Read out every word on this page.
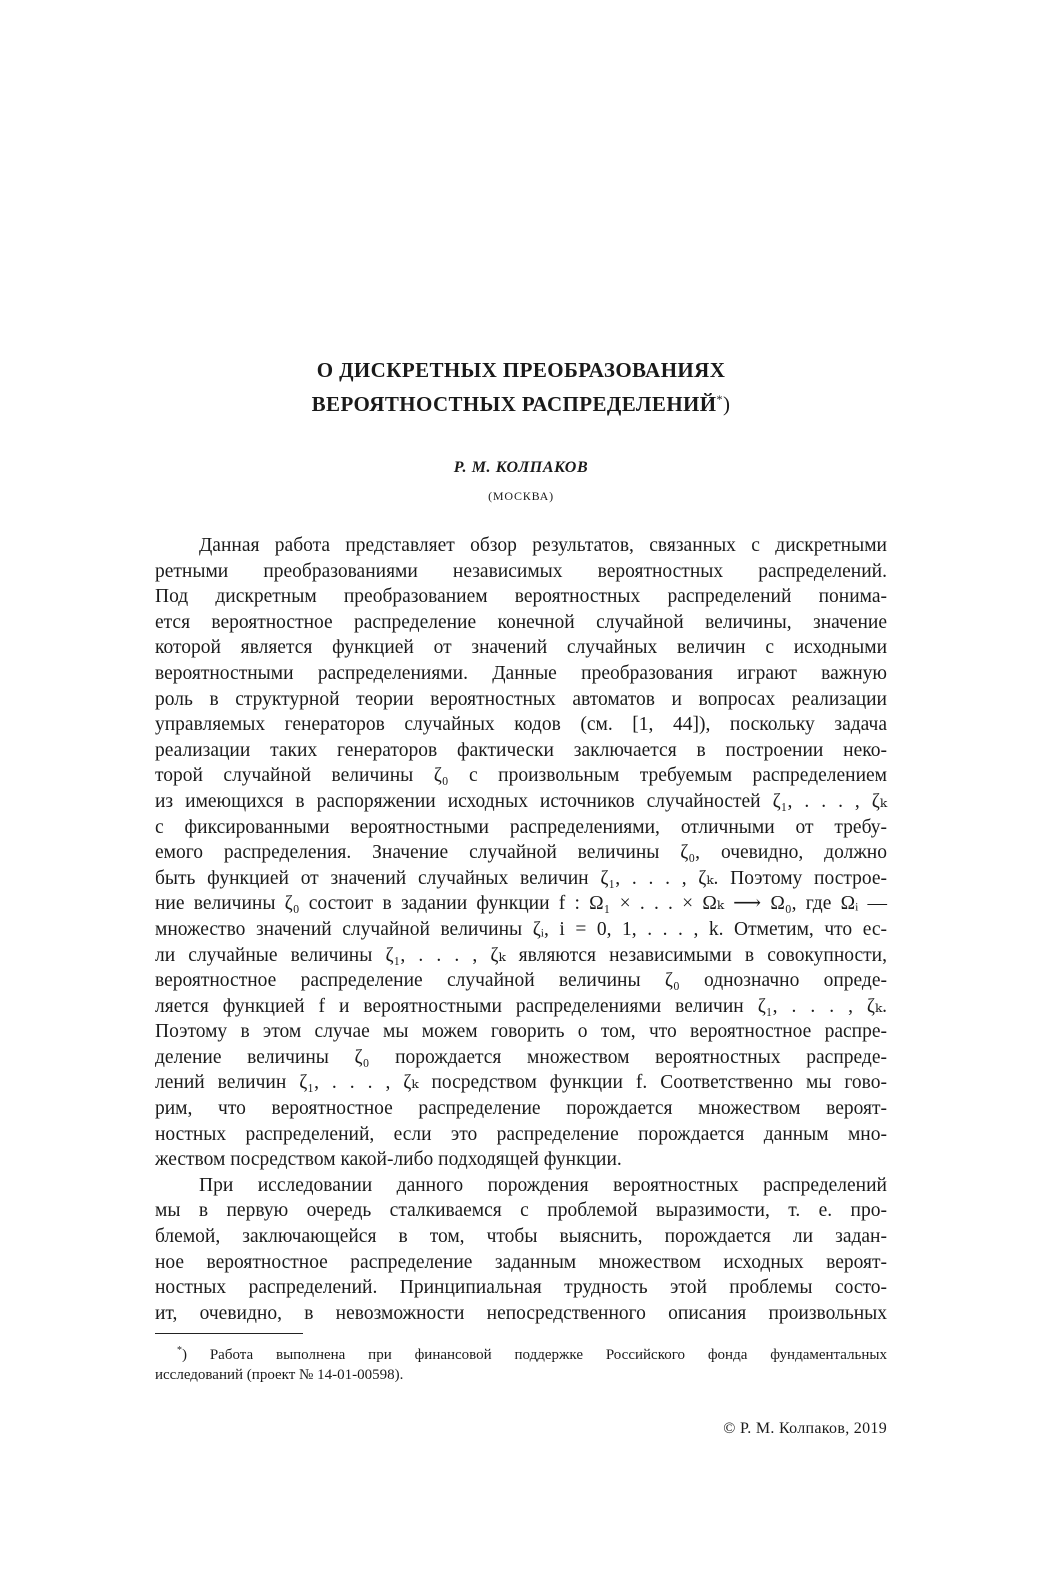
О ДИСКРЕТНЫХ ПРЕОБРАЗОВАНИЯХ
ВЕРОЯТНОСТНЫХ РАСПРЕДЕЛЕНИЙ*)
Р. М. КОЛПАКОВ
(МОСКВА)
Данная работа представляет обзор результатов, связанных с дискретными
ретными преобразованиями независимых вероятностных распределений.
Под дискретным преобразованием вероятностных распределений понима-
ется вероятностное распределение конечной случайной величины, значение
которой является функцией от значений случайных величин с исходными
вероятностными распределениями. Данные преобразования играют важную
роль в структурной теории вероятностных автоматов и вопросах реализации
управляемых генераторов случайных кодов (см. [1, 44]), поскольку задача
реализации таких генераторов фактически заключается в построении неко-
торой случайной величины ζ₀ с произвольным требуемым распределением
из имеющихся в распоряжении исходных источников случайностей ζ₁, . . . , ζₖ
с фиксированными вероятностными распределениями, отличными от требу-
емого распределения. Значение случайной величины ζ₀, очевидно, должно
быть функцией от значений случайных величин ζ₁, . . . , ζₖ. Поэтому построе-
ние величины ζ₀ состоит в задании функции f : Ω₁ × . . . × Ωₖ ⟶ Ω₀, где Ωᵢ —
множество значений случайной величины ζᵢ, i = 0, 1, . . . , k. Отметим, что ес-
ли случайные величины ζ₁, . . . , ζₖ являются независимыми в совокупности,
вероятностное распределение случайной величины ζ₀ однозначно опреде-
ляется функцией f и вероятностными распределениями величин ζ₁, . . . , ζₖ.
Поэтому в этом случае мы можем говорить о том, что вероятностное распре-
деление величины ζ₀ порождается множеством вероятностных распреде-
лений величин ζ₁, . . . , ζₖ посредством функции f. Соответственно мы гово-
рим, что вероятностное распределение порождается множеством вероят-
ностных распределений, если это распределение порождается данным мно-
жеством посредством какой-либо подходящей функции.
При исследовании данного порождения вероятностных распределений
мы в первую очередь сталкиваемся с проблемой выразимости, т. е. про-
блемой, заключающейся в том, чтобы выяснить, порождается ли задан-
ное вероятностное распределение заданным множеством исходных вероят-
ностных распределений. Принципиальная трудность этой проблемы состо-
ит, очевидно, в невозможности непосредственного описания произвольных
*) Работа выполнена при финансовой поддержке Российского фонда фундаментальных
исследований (проект № 14-01-00598).
© Р. М. Колпаков, 2019
